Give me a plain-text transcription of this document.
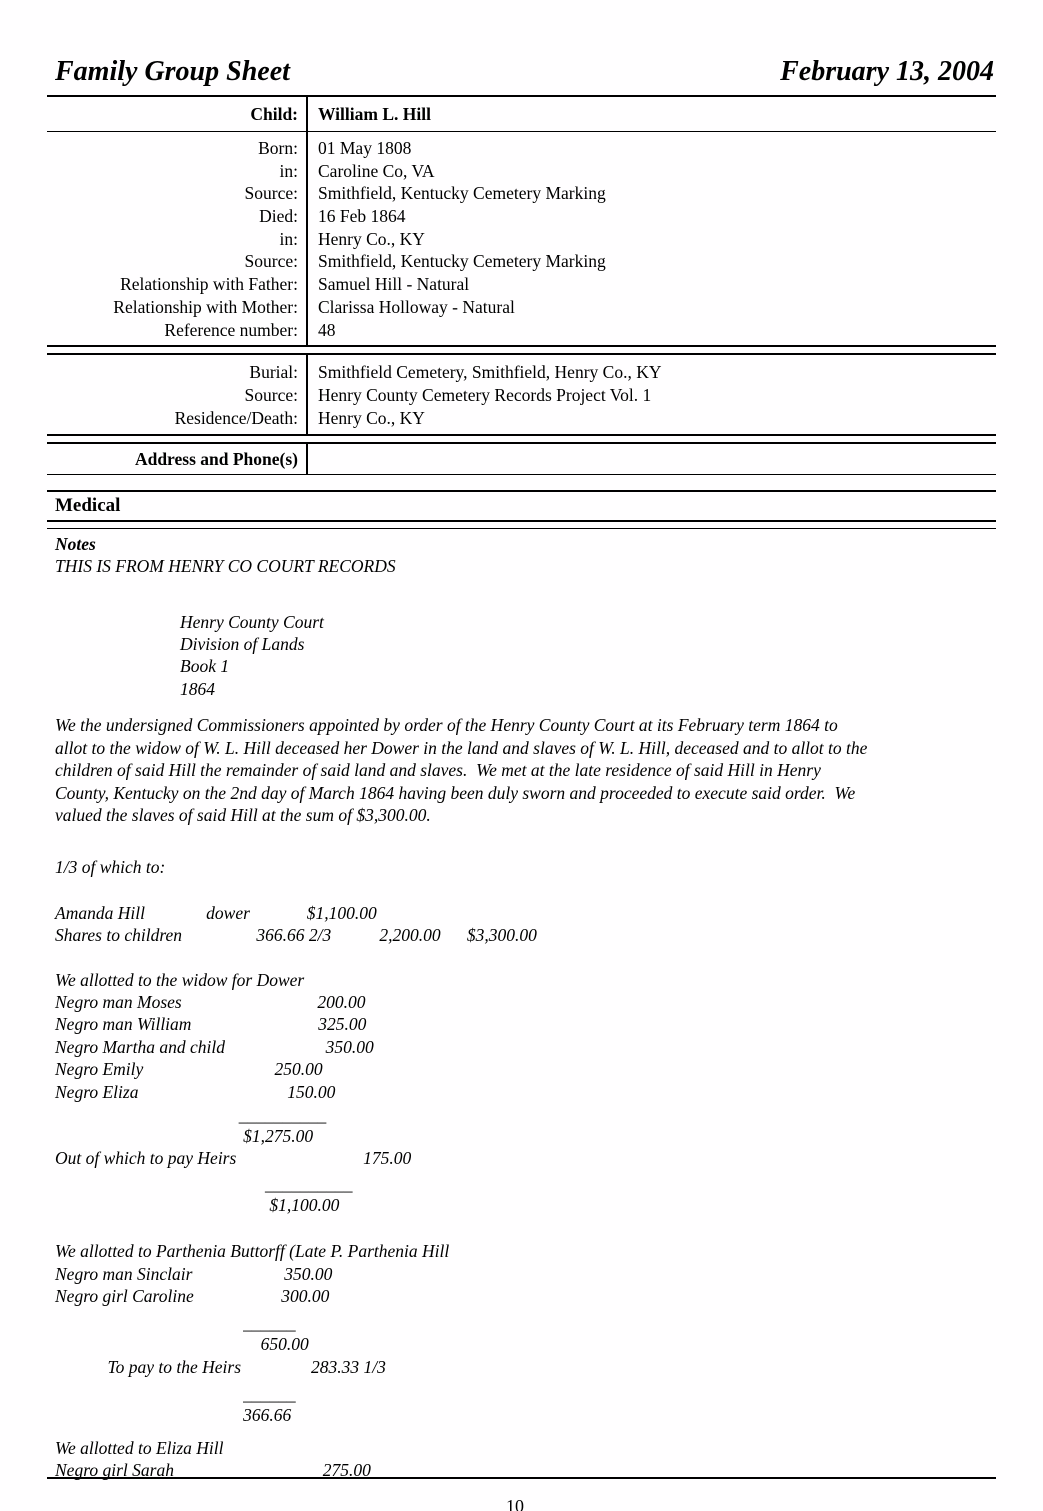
Family Group Sheet	February 13, 2004
Child: William L. Hill
Born:
in:
Source:
Died:
in:
Source:
Relationship with Father:
Relationship with Mother:
Reference number:
01 May 1808
Caroline Co, VA
Smithfield, Kentucky Cemetery Marking
16 Feb 1864
Henry Co., KY
Smithfield, Kentucky Cemetery Marking
Samuel Hill - Natural
Clarissa Holloway - Natural
48
Burial:
Source:
Residence/Death:
Smithfield Cemetery, Smithfield, Henry Co., KY
Henry County Cemetery Records Project Vol. 1
Henry Co., KY
Address and Phone(s)
Medical
Notes
THIS IS FROM HENRY CO COURT RECORDS
Henry County Court
Division of Lands
Book 1
1864
We the undersigned Commissioners appointed by order of the Henry County Court at its February term 1864 to
allot to the widow of W. L. Hill deceased her Dower in the land and slaves of W. L. Hill, deceased and to allot to the
children of said Hill the remainder of said land and slaves.  We met at the late residence of said Hill in Henry
County, Kentucky on the 2nd day of March 1864 having been duly sworn and proceeded to execute said order.  We
valued the slaves of said Hill at the sum of $3,300.00.
1/3 of which to:
Amanda Hill              dower             $1,100.00
Shares to children                 366.66 2/3           2,200.00      $3,300.00
We allotted to the widow for Dower
Negro man Moses                               200.00
Negro man William                             325.00
Negro Martha and child                       350.00
Negro Emily                              250.00
Negro Eliza                                  150.00
__________
$1,275.00
Out of which to pay Heirs                             175.00
__________
$1,100.00
We allotted to Parthenia Buttorff (Late P. Parthenia Hill
Negro man Sinclair                     350.00
Negro girl Caroline                    300.00
______
650.00
To pay to the Heirs                283.33 1/3
______
366.66
We allotted to Eliza Hill
Negro girl Sarah                                  275.00
10
